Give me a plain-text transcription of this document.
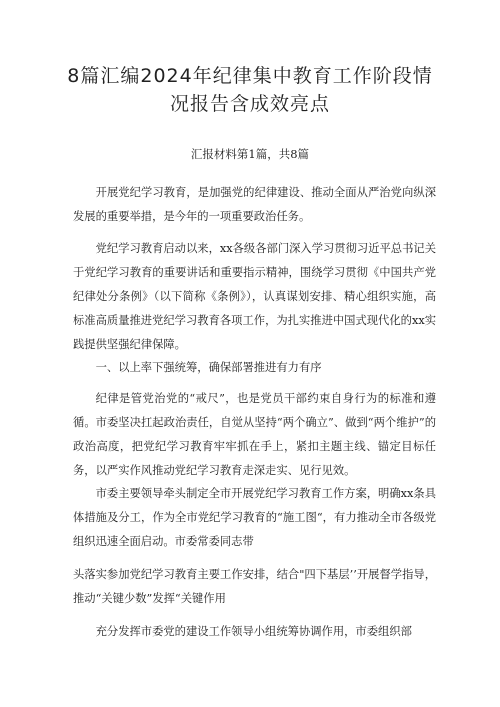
8篇汇编2024年纪律集中教育工作阶段情况报告含成效亮点
汇报材料第1篇，共8篇

开展党纪学习教育，是加强党的纪律建设、推动全面从严治党向纵深发展的重要举措，是今年的一项重要政治任务。

党纪学习教育启动以来，xx各级各部门深入学习贯彻习近平总书记关于党纪学习教育的重要讲话和重要指示精神，围绕学习贯彻《中国共产党纪律处分条例》（以下简称《条例》），认真谋划安排、精心组织实施，高标准高质量推进党纪学习教育各项工作，为扎实推进中国式现代化的xx实践提供坚强纪律保障。

一、以上率下强统筹，确保部署推进有力有序

纪律是管党治党的“戒尺”，也是党员干部约束自身行为的标准和遵循。市委坚决扛起政治责任，自觉从坚持“两个确立”、做到“两个维护”的政治高度，把党纪学习教育牢牢抓在手上，紧扣主题主线、锚定目标任务，以严实作风推动党纪学习教育走深走实、见行见效。

市委主要领导牵头制定全市开展党纪学习教育工作方案，明确xx条具体措施及分工，作为全市党纪学习教育的“施工图“，有力推动全市各级党组织迅速全面启动。市委常委同志带

头落实参加党纪学习教育主要工作安排，结合"四下基层’’开展督学指导，推动“关键少数”发挥“关键作用

充分发挥市委党的建设工作领导小组统筹协调作用，市委组织部
